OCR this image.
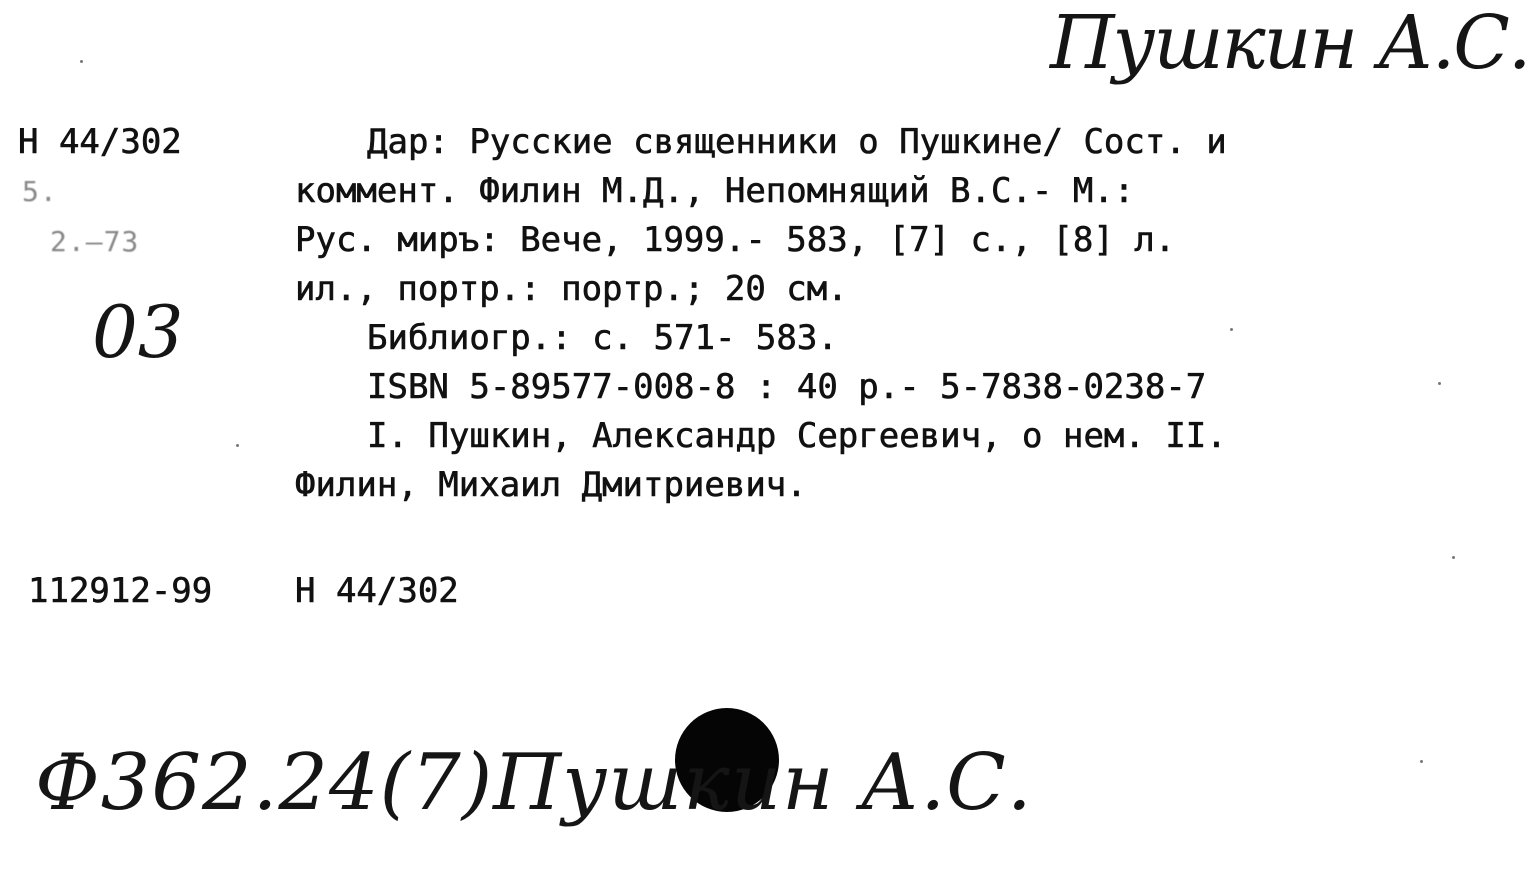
Пушкин А.С.
Н 44/302
5.
2.—73
03
Дар: Русские священники о Пушкине/ Сост. и
коммент. Филин М.Д., Непомнящий В.С.- М.:
Рус. миръ: Вече, 1999.- 583, [7] с., [8] л.
ил., портр.: портр.; 20 см.
Библиогр.: с. 571- 583.
ISBN 5-89577-008-8 : 40 р.- 5-7838-0238-7
I. Пушкин, Александр Сергеевич, о нем. II.
Филин, Михаил Дмитриевич.
112912-99 Н 44/302
Ф362.24(7)Пушкин А.С.
